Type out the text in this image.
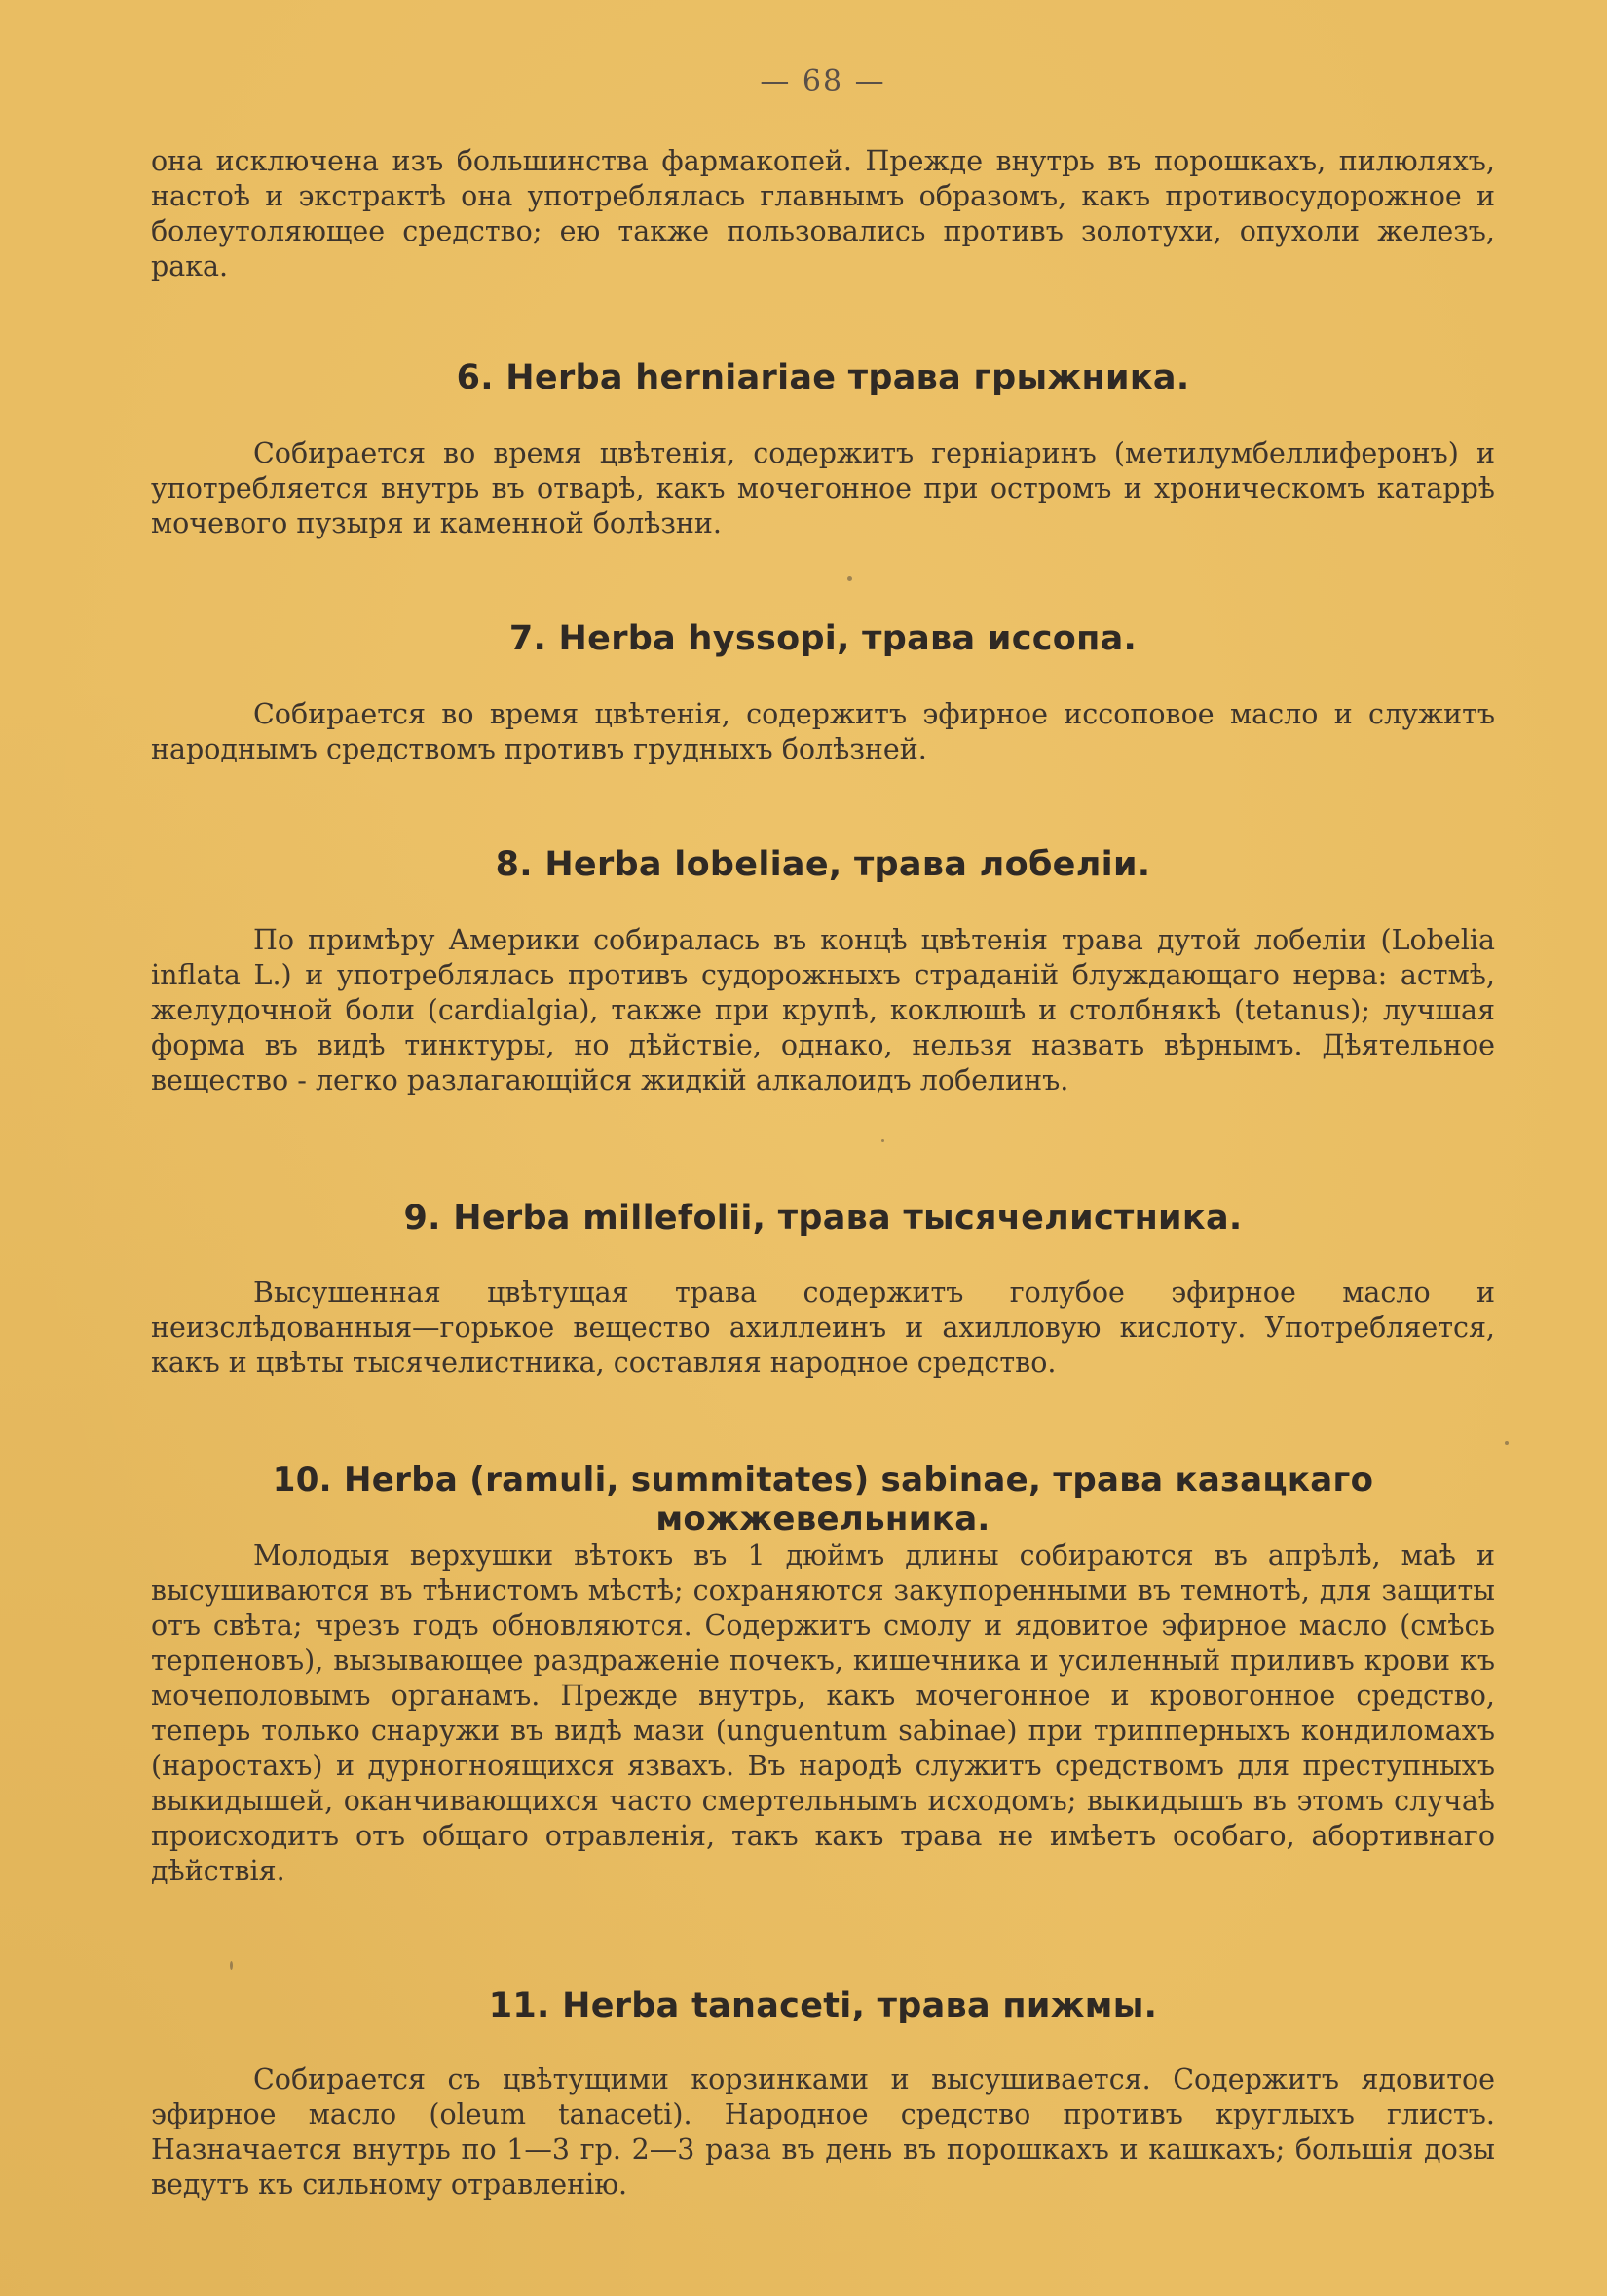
— 68 —

она исключена изъ большинства фармакопей. Прежде внутрь въ порошкахъ, пилюляхъ, настоѣ и экстрактѣ она употреблялась главнымъ образомъ, какъ противосудорожное и болеутоляющее средство; ею также пользовались противъ золотухи, опухоли железъ, рака.

6. Herba herniariae трава грыжника.

Собирается во время цвѣтенія, содержитъ герніаринъ (метилумбеллиферонъ) и употребляется внутрь въ отварѣ, какъ мочегонное при остромъ и хроническомъ катаррѣ мочевого пузыря и каменной болѣзни.

7. Herba hyssopi, трава иссопа.

Собирается во время цвѣтенія, содержитъ эфирное иссоповое масло и служитъ народнымъ средствомъ противъ грудныхъ болѣзней.

8. Herba lobeliae, трава лобеліи.

По примѣру Америки собиралась въ концѣ цвѣтенія трава дутой лобеліи (Lobelia inflata L.) и употреблялась противъ судорожныхъ страданій блуждающаго нерва: астмѣ, желудочной боли (cardialgia), также при крупѣ, коклюшѣ и столбнякѣ (tetanus); лучшая форма въ видѣ тинктуры, но дѣйствіе, однако, нельзя назвать вѣрнымъ. Дѣятельное вещество - легко разлагающійся жидкій алкалоидъ лобелинъ.

9. Herba millefolii, трава тысячелистника.

Высушенная цвѣтущая трава содержитъ голубое эфирное масло и неизслѣдованныя—горькое вещество ахиллеинъ и ахилловую кислоту. Употребляется, какъ и цвѣты тысячелистника, составляя народное средство.

10. Herba (ramuli, summitates) sabinae, трава казацкаго можжевельника.

Молодыя верхушки вѣтокъ въ 1 дюймъ длины собираются въ апрѣлѣ, маѣ и высушиваются въ тѣнистомъ мѣстѣ; сохраняются закупоренными въ темнотѣ, для защиты отъ свѣта; чрезъ годъ обновляются. Содержитъ смолу и ядовитое эфирное масло (смѣсь терпеновъ), вызывающее раздраженіе почекъ, кишечника и усиленный приливъ крови къ мочеполовымъ органамъ. Прежде внутрь, какъ мочегонное и кровогонное средство, теперь только снаружи въ видѣ мази (unguentum sabinae) при трипперныхъ кондиломахъ (наростахъ) и дурногноящихся язвахъ. Въ народѣ служитъ средствомъ для преступныхъ выкидышей, оканчивающихся часто смертельнымъ исходомъ; выкидышъ въ этомъ случаѣ происходитъ отъ общаго отравленія, такъ какъ трава не имѣетъ особаго, абортивнаго дѣйствія.

11. Herba tanaceti, трава пижмы.

Собирается съ цвѣтущими корзинками и высушивается. Содержитъ ядовитое эфирное масло (oleum tanaceti). Народное средство противъ круглыхъ глистъ. Назначается внутрь по 1—3 гр. 2—3 раза въ день въ порошкахъ и кашкахъ; большія дозы ведутъ къ сильному отравленію.
